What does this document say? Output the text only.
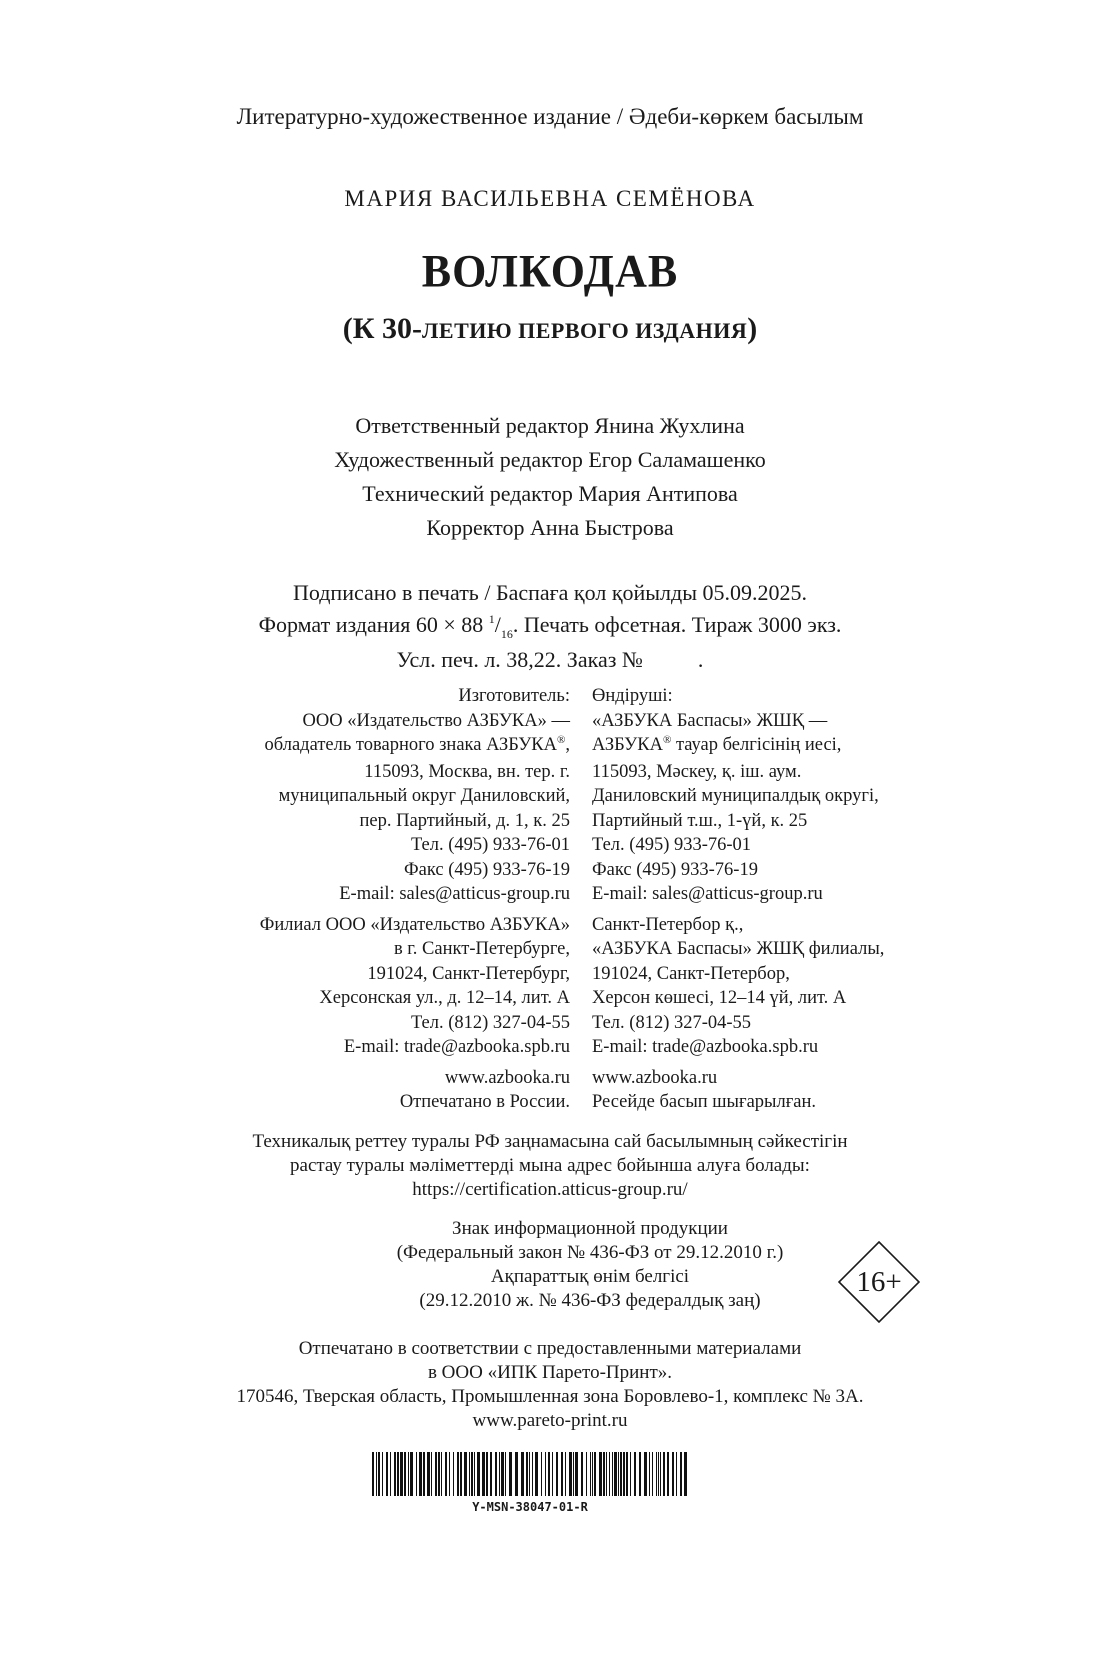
Литературно-художественное издание / Әдеби-көркем басылым
МАРИЯ ВАСИЛЬЕВНА СЕМЁНОВА
ВОЛКОДАВ
(К 30-ЛЕТИЮ ПЕРВОГО ИЗДАНИЯ)
Ответственный редактор Янина Жухлина
Художественный редактор Егор Саламашенко
Технический редактор Мария Антипова
Корректор Анна Быстрова
Подписано в печать / Баспаға қол қойылды 05.09.2025.
Формат издания 60 × 88 $^1/_{16}$. Печать офсетная. Тираж 3000 экз.
Усл. печ. л. 38,22. Заказ №          .
Изготовитель:
ООО «Издательство АЗБУКА» —
обладатель товарного знака АЗБУКА®,
115093, Москва, вн. тер. г.
муниципальный округ Даниловский,
пер. Партийный, д. 1, к. 25
Тел. (495) 933-76-01
Факс (495) 933-76-19
E-mail: sales@atticus-group.ru
Филиал ООО «Издательство АЗБУКА»
в г. Санкт-Петербурге,
191024, Санкт-Петербург,
Херсонская ул., д. 12–14, лит. А
Тел. (812) 327-04-55
E-mail: trade@azbooka.spb.ru
www.azbooka.ru
Отпечатано в России.
Өндіруші:
«АЗБУКА Баспасы» ЖШҚ —
АЗБУКА® тауар белгісінің иесі,
115093, Мәскеу, қ. іш. аум.
Даниловский муниципалдық округі,
Партийный т.ш., 1-үй, к. 25
Тел. (495) 933-76-01
Факс (495) 933-76-19
E-mail: sales@atticus-group.ru
Санкт-Петербор қ.,
«АЗБУКА Баспасы» ЖШҚ филиалы,
191024, Санкт-Петербор,
Херсон көшесі, 12–14 үй, лит. А
Тел. (812) 327-04-55
E-mail: trade@azbooka.spb.ru
www.azbooka.ru
Ресейде басып шығарылған.
Техникалық реттеу туралы РФ заңнамасына сай басылымның сәйкестігін
растау туралы мәліметтерді мына адрес бойынша алуға болады:
https://certification.atticus-group.ru/
Знак информационной продукции
(Федеральный закон № 436-ФЗ от 29.12.2010 г.)
Ақпараттық өнім белгісі
(29.12.2010 ж. № 436-ФЗ федералдық заң)
16+
Отпечатано в соответствии с предоставленными материалами
в ООО «ИПК Парето-Принт».
170546, Тверская область, Промышленная зона Боровлево-1, комплекс № 3А.
www.pareto-print.ru
Y-MSN-38047-01-R
